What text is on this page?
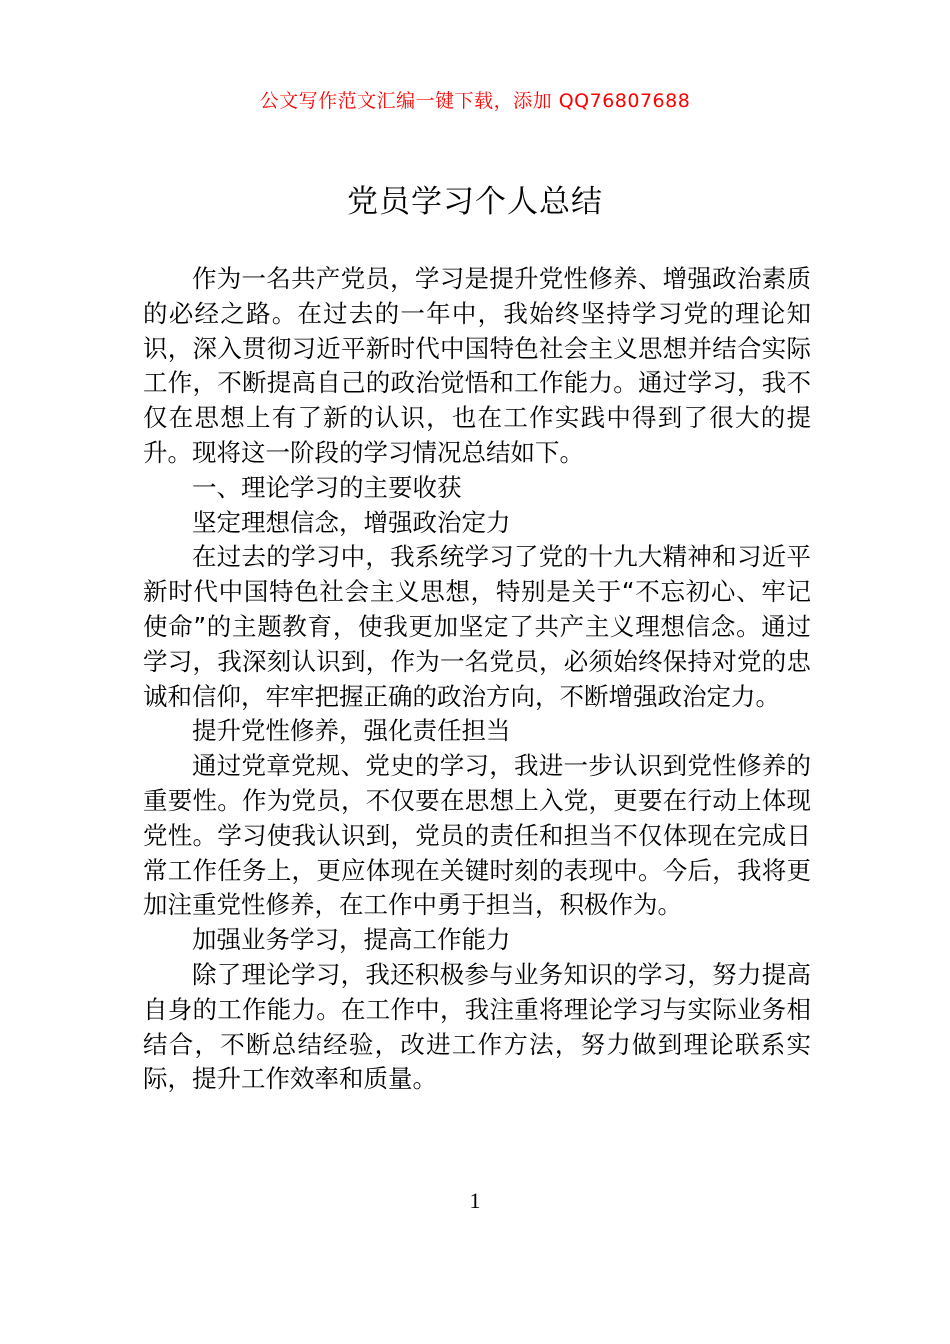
公文写作范文汇编一键下载，添加 QQ76807688
党员学习个人总结

作为一名共产党员，学习是提升党性修养、增强政治素质的必经之路。在过去的一年中，我始终坚持学习党的理论知识，深入贯彻习近平新时代中国特色社会主义思想并结合实际工作，不断提高自己的政治觉悟和工作能力。通过学习，我不仅在思想上有了新的认识，也在工作实践中得到了很大的提升。现将这一阶段的学习情况总结如下。

一、理论学习的主要收获

坚定理想信念，增强政治定力

在过去的学习中，我系统学习了党的十九大精神和习近平新时代中国特色社会主义思想，特别是关于“不忘初心、牢记使命”的主题教育，使我更加坚定了共产主义理想信念。通过学习，我深刻认识到，作为一名党员，必须始终保持对党的忠诚和信仰，牢牢把握正确的政治方向，不断增强政治定力。

提升党性修养，强化责任担当

通过党章党规、党史的学习，我进一步认识到党性修养的重要性。作为党员，不仅要在思想上入党，更要在行动上体现党性。学习使我认识到，党员的责任和担当不仅体现在完成日常工作任务上，更应体现在关键时刻的表现中。今后，我将更加注重党性修养，在工作中勇于担当，积极作为。

加强业务学习，提高工作能力

除了理论学习，我还积极参与业务知识的学习，努力提高自身的工作能力。在工作中，我注重将理论学习与实际业务相结合，不断总结经验，改进工作方法，努力做到理论联系实际，提升工作效率和质量。

1
